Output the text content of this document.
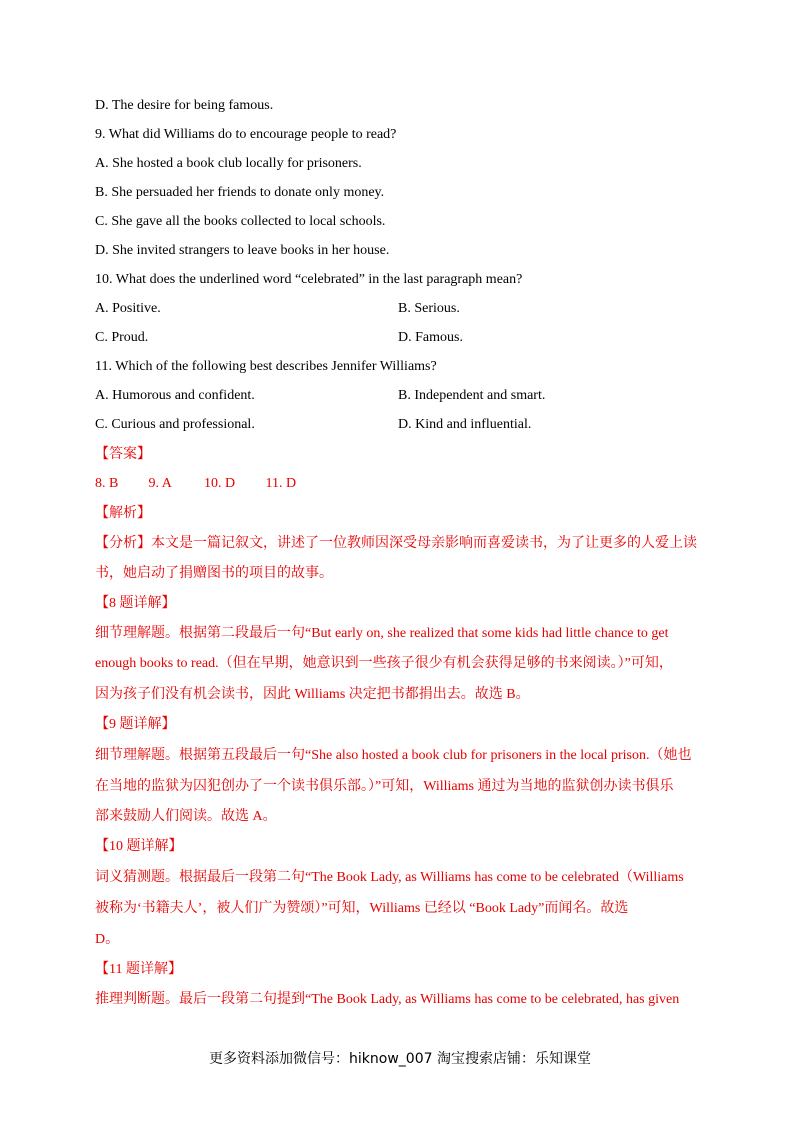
D. The desire for being famous.
9. What did Williams do to encourage people to read?
A. She hosted a book club locally for prisoners.
B. She persuaded her friends to donate only money.
C. She gave all the books collected to local schools.
D. She invited strangers to leave books in her house.
10. What does the underlined word “celebrated” in the last paragraph mean?
A. Positive.	B. Serious.
C. Proud.	D. Famous.
11. Which of the following best describes Jennifer Williams?
A. Humorous and confident.	B. Independent and smart.
C. Curious and professional.	D. Kind and influential.
【答案】
8. B 9. A 10. D 11. D
【解析】
【分析】本文是一篇记叙文，讲述了一位教师因深受母亲影响而喜爱读书，为了让更多的人爱上读
书，她启动了捐赠图书的项目的故事。
【8 题详解】
细节理解题。根据第二段最后一句“But early on, she realized that some kids had little chance to get
enough books to read.（但在早期，她意识到一些孩子很少有机会获得足够的书来阅读。）”可知，
因为孩子们没有机会读书，因此 Williams 决定把书都捐出去。故选 B。
【9 题详解】
细节理解题。根据第五段最后一句“She also hosted a book club for prisoners in the local prison.（她也
在当地的监狱为囚犯创办了一个读书俱乐部。）”可知，Williams 通过为当地的监狱创办读书俱乐
部来鼓励人们阅读。故选 A。
【10 题详解】
词义猜测题。根据最后一段第二句“The Book Lady, as Williams has come to be celebrated（Williams
被称为‘书籍夫人’，被人们广为赞颂）”可知，Williams 已经以 “Book Lady”而闻名。故选
D。
【11 题详解】
推理判断题。最后一段第二句提到“The Book Lady, as Williams has come to be celebrated, has given
更多资料添加微信号：hiknow_007 淘宝搜索店铺：乐知课堂
